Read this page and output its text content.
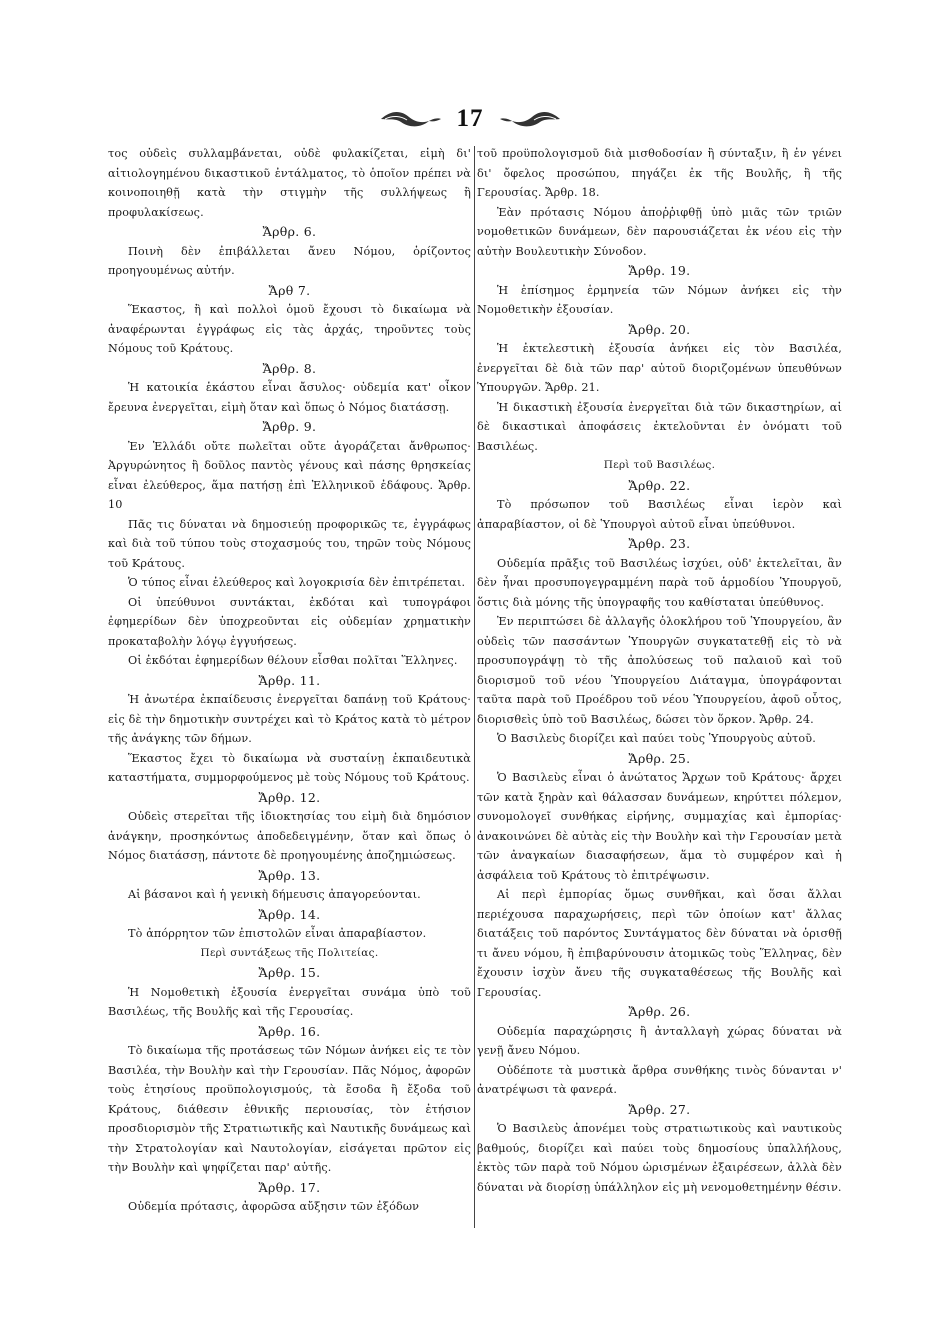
17

τος οὐδεὶς συλλαμβάνεται, οὐδὲ φυλακίζεται, εἰμὴ δι' αἰτιολογημένου δικαστικοῦ ἐντάλματος, τὸ ὁποῖον πρέπει νὰ κοινοποιηθῇ κατὰ τὴν στιγμὴν τῆς συλλήψεως ἢ προφυλακίσεως.

Ἄρθρ. 6.

Ποινὴ δὲν ἐπιβάλλεται ἄνευ Νόμου, ὁρίζοντος προηγουμένως αὐτήν.

Ἄρθ 7.

Ἕκαστος, ἢ καὶ πολλοὶ ὁμοῦ ἔχουσι τὸ δικαίωμα νὰ ἀναφέρωνται ἐγγράφως εἰς τὰς ἀρχάς, τηροῦντες τοὺς Νόμους τοῦ Κράτους.

Ἄρθρ. 8.

Ἡ κατοικία ἑκάστου εἶναι ἄσυλος· οὐδεμία κατ' οἶκον ἔρευνα ἐνεργεῖται, εἰμὴ ὅταν καὶ ὅπως ὁ Νόμος διατάσσῃ.

Ἄρθρ. 9.

Ἐν Ἑλλάδι οὔτε πωλεῖται οὔτε ἀγοράζεται ἄνθρωπος· Ἀργυρώνητος ἢ δοῦλος παντὸς γένους καὶ πάσης θρησκείας εἶναι ἐλεύθερος, ἅμα πατήσῃ ἐπὶ Ἑλληνικοῦ ἐδάφους. Ἄρθρ. 10

Πᾶς τις δύναται νὰ δημοσιεύῃ προφορικῶς τε, ἐγγράφως καὶ διὰ τοῦ τύπου τοὺς στοχασμούς του, τηρῶν τοὺς Νόμους τοῦ Κράτους.

Ὁ τύπος εἶναι ἐλεύθερος καὶ λογοκρισία δὲν ἐπιτρέπεται.

Οἱ ὑπεύθυνοι συντάκται, ἐκδόται καὶ τυπογράφοι ἐφημερίδων δὲν ὑποχρεοῦνται εἰς οὐδεμίαν χρηματικὴν προκαταβολὴν λόγῳ ἐγγυήσεως.

Οἱ ἐκδόται ἐφημερίδων θέλουν εἶσθαι πολῖται Ἕλληνες.

Ἄρθρ. 11.

Ἡ ἀνωτέρα ἐκπαίδευσις ἐνεργεῖται δαπάνῃ τοῦ Κράτους· εἰς δὲ τὴν δημοτικὴν συντρέχει καὶ τὸ Κράτος κατὰ τὸ μέτρον τῆς ἀνάγκης τῶν δήμων.

Ἕκαστος ἔχει τὸ δικαίωμα νὰ συσταίνῃ ἐκπαιδευτικὰ καταστήματα, συμμορφούμενος μὲ τοὺς Νόμους τοῦ Κράτους.

Ἄρθρ. 12.

Οὐδεὶς στερεῖται τῆς ἰδιοκτησίας του εἰμὴ διὰ δημόσιον ἀνάγκην, προσηκόντως ἀποδεδειγμένην, ὅταν καὶ ὅπως ὁ Νόμος διατάσσῃ, πάντοτε δὲ προηγουμένης ἀποζημιώσεως.

Ἄρθρ. 13.

Αἱ βάσανοι καὶ ἡ γενικὴ δήμευσις ἀπαγορεύονται.

Ἄρθρ. 14.

Τὸ ἀπόρρητον τῶν ἐπιστολῶν εἶναι ἀπαραβίαστον.

Περὶ συντάξεως τῆς Πολιτείας.

Ἄρθρ. 15.

Ἡ Νομοθετικὴ ἐξουσία ἐνεργεῖται συνάμα ὑπὸ τοῦ Βασιλέως, τῆς Βουλῆς καὶ τῆς Γερουσίας.

Ἄρθρ. 16.

Τὸ δικαίωμα τῆς προτάσεως τῶν Νόμων ἀνήκει εἰς τε τὸν Βασιλέα, τὴν Βουλὴν καὶ τὴν Γερουσίαν. Πᾶς Νόμος, ἀφορῶν τοὺς ἐτησίους προϋπολογισμούς, τὰ ἔσοδα ἢ ἔξοδα τοῦ Κράτους, διάθεσιν ἐθνικῆς περιουσίας, τὸν ἐτήσιον προσδιορισμὸν τῆς Στρατιωτικῆς καὶ Ναυτικῆς δυνάμεως καὶ τὴν Στρατολογίαν καὶ Ναυτολογίαν, εἰσάγεται πρῶτον εἰς τὴν Βουλὴν καὶ ψηφίζεται παρ' αὐτῆς.

Ἄρθρ. 17.

Οὐδεμία πρότασις, ἀφορῶσα αὔξησιν τῶν ἐξόδων

τοῦ προϋπολογισμοῦ διὰ μισθοδοσίαν ἢ σύνταξιν, ἢ ἐν γένει δι' ὄφελος προσώπου, πηγάζει ἐκ τῆς Βουλῆς, ἢ τῆς Γερουσίας. Ἄρθρ. 18.

Ἐὰν πρότασις Νόμου ἀποῤῥιφθῇ ὑπὸ μιᾶς τῶν τριῶν νομοθετικῶν δυνάμεων, δὲν παρουσιάζεται ἐκ νέου εἰς τὴν αὐτὴν Βουλευτικὴν Σύνοδον.

Ἄρθρ. 19.

Ἡ ἐπίσημος ἑρμηνεία τῶν Νόμων ἀνήκει εἰς τὴν Νομοθετικὴν ἐξουσίαν.

Ἄρθρ. 20.

Ἡ ἐκτελεστικὴ ἐξουσία ἀνήκει εἰς τὸν Βασιλέα, ἐνεργεῖται δὲ διὰ τῶν παρ' αὐτοῦ διοριζομένων ὑπευθύνων Ὑπουργῶν. Ἄρθρ. 21.

Ἡ δικαστικὴ ἐξουσία ἐνεργεῖται διὰ τῶν δικαστηρίων, αἱ δὲ δικαστικαὶ ἀποφάσεις ἐκτελοῦνται ἐν ὀνόματι τοῦ Βασιλέως.

Περὶ τοῦ Βασιλέως.

Ἄρθρ. 22.

Τὸ πρόσωπον τοῦ Βασιλέως εἶναι ἱερὸν καὶ ἀπαραβίαστον, οἱ δὲ Ὑπουργοὶ αὐτοῦ εἶναι ὑπεύθυνοι.

Ἄρθρ. 23.

Οὐδεμία πρᾶξις τοῦ Βασιλέως ἰσχύει, οὐδ' ἐκτελεῖται, ἂν δὲν ἦναι προσυπογεγραμμένη παρὰ τοῦ ἁρμοδίου Ὑπουργοῦ, ὅστις διὰ μόνης τῆς ὑπογραφῆς του καθίσταται ὑπεύθυνος.

Ἐν περιπτώσει δὲ ἀλλαγῆς ὁλοκλήρου τοῦ Ὑπουργείου, ἂν οὐδεὶς τῶν πασσάντων Ὑπουργῶν συγκατατεθῇ εἰς τὸ νὰ προσυπογράψῃ τὸ τῆς ἀπολύσεως τοῦ παλαιοῦ καὶ τοῦ διορισμοῦ τοῦ νέου Ὑπουργείου Διάταγμα, ὑπογράφονται ταῦτα παρὰ τοῦ Προέδρου τοῦ νέου Ὑπουργείου, ἀφοῦ οὗτος, διορισθεὶς ὑπὸ τοῦ Βασιλέως, δώσει τὸν ὅρκον. Ἄρθρ. 24.

Ὁ Βασιλεὺς διορίζει καὶ παύει τοὺς Ὑπουργοὺς αὐτοῦ.

Ἄρθρ. 25.

Ὁ Βασιλεὺς εἶναι ὁ ἀνώτατος Ἄρχων τοῦ Κράτους· ἄρχει τῶν κατὰ ξηρὰν καὶ θάλασσαν δυνάμεων, κηρύττει πόλεμον, συνομολογεῖ συνθήκας εἰρήνης, συμμαχίας καὶ ἐμπορίας· ἀνακοινώνει δὲ αὐτὰς εἰς τὴν Βουλὴν καὶ τὴν Γερουσίαν μετὰ τῶν ἀναγκαίων διασαφήσεων, ἅμα τὸ συμφέρον καὶ ἡ ἀσφάλεια τοῦ Κράτους τὸ ἐπιτρέψωσιν.

Αἱ περὶ ἐμπορίας ὅμως συνθῆκαι, καὶ ὅσαι ἄλλαι περιέχουσα παραχωρήσεις, περὶ τῶν ὁποίων κατ' ἄλλας διατάξεις τοῦ παρόντος Συντάγματος δὲν δύναται νὰ ὁρισθῇ τι ἄνευ νόμου, ἢ ἐπιβαρύνουσιν ἀτομικῶς τοὺς Ἕλληνας, δὲν ἔχουσιν ἰσχὺν ἄνευ τῆς συγκαταθέσεως τῆς Βουλῆς καὶ Γερουσίας.

Ἄρθρ. 26.

Οὐδεμία παραχώρησις ἢ ἀνταλλαγὴ χώρας δύναται νὰ γενῇ ἄνευ Νόμου.

Οὐδέποτε τὰ μυστικὰ ἄρθρα συνθήκης τινὸς δύνανται ν' ἀνατρέψωσι τὰ φανερά.

Ἄρθρ. 27.

Ὁ Βασιλεὺς ἀπονέμει τοὺς στρατιωτικοὺς καὶ ναυτικοὺς βαθμούς, διορίζει καὶ παύει τοὺς δημοσίους ὑπαλλήλους, ἐκτὸς τῶν παρὰ τοῦ Νόμου ὡρισμένων ἐξαιρέσεων, ἀλλὰ δὲν δύναται νὰ διορίσῃ ὑπάλληλον εἰς μὴ νενομοθετημένην θέσιν.
